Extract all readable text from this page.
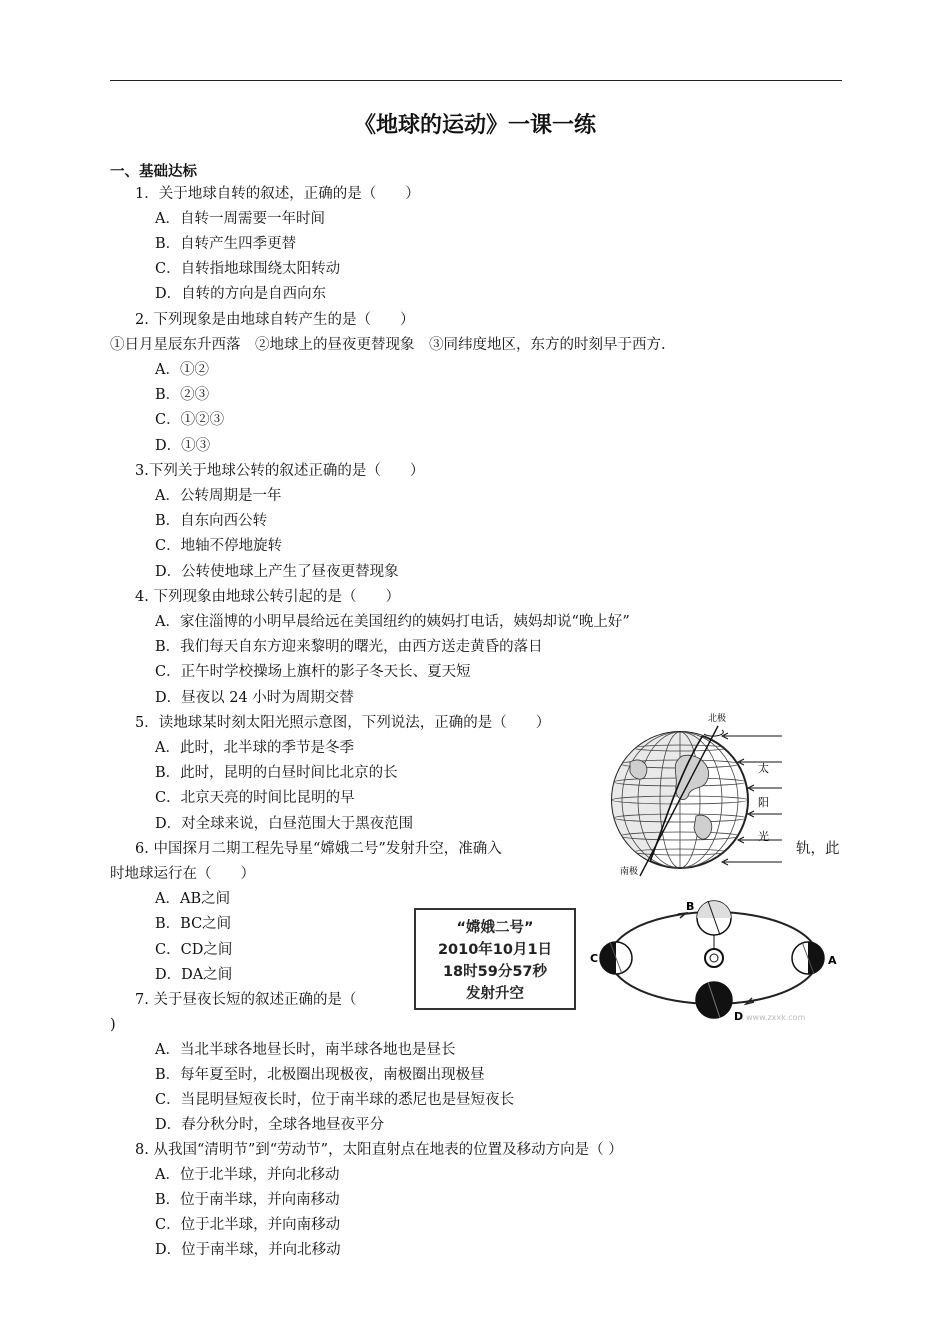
《地球的运动》一课一练
一、基础达标
1．关于地球自转的叙述，正确的是（　　）
A．自转一周需要一年时间
B．自转产生四季更替
C．自转指地球围绕太阳转动
D．自转的方向是自西向东
2. 下列现象是由地球自转产生的是（　　）
①日月星辰东升西落　②地球上的昼夜更替现象　③同纬度地区，东方的时刻早于西方.
A．①②
B．②③
C．①②③
D．①③
3.下列关于地球公转的叙述正确的是（　　）
A．公转周期是一年
B．自东向西公转
C．地轴不停地旋转
D．公转使地球上产生了昼夜更替现象
4. 下列现象由地球公转引起的是（　　）
A．家住淄博的小明早晨给远在美国纽约的姨妈打电话，姨妈却说“晚上好”
B．我们每天自东方迎来黎明的曙光，由西方送走黄昏的落日
C．正午时学校操场上旗杆的影子冬天长、夏天短
D．昼夜以 24 小时为周期交替
5．读地球某时刻太阳光照示意图，下列说法，正确的是（　　）
A．此时，北半球的季节是冬季
B．此时，昆明的白昼时间比北京的长
C．北京天亮的时间比昆明的早
D．对全球来说，白昼范围大于黑夜范围
6. 中国探月二期工程先导星“嫦娥二号”发射升空，准确入	轨，此
时地球运行在（　　）
A．AB之间
B．BC之间
C．CD之间
D．DA之间
7. 关于昼夜长短的叙述正确的是（
)
A．当北半球各地昼长时，南半球各地也是昼长
B．每年夏至时，北极圈出现极夜，南极圈出现极昼
C．当昆明昼短夜长时，位于南半球的悉尼也是昼短夜长
D．春分秋分时，全球各地昼夜平分
8. 从我国“清明节”到“劳动节”，太阳直射点在地表的位置及移动方向是（ ）
A．位于北半球，并向北移动
B．位于南半球，并向南移动
C．位于北半球，并向南移动
D．位于南半球，并向北移动
北极
南极
太
阳
光
“嫦娥二号”
2010年10月1日
18时59分57秒
发射升空
B
C	A
D www.zxxk.com
